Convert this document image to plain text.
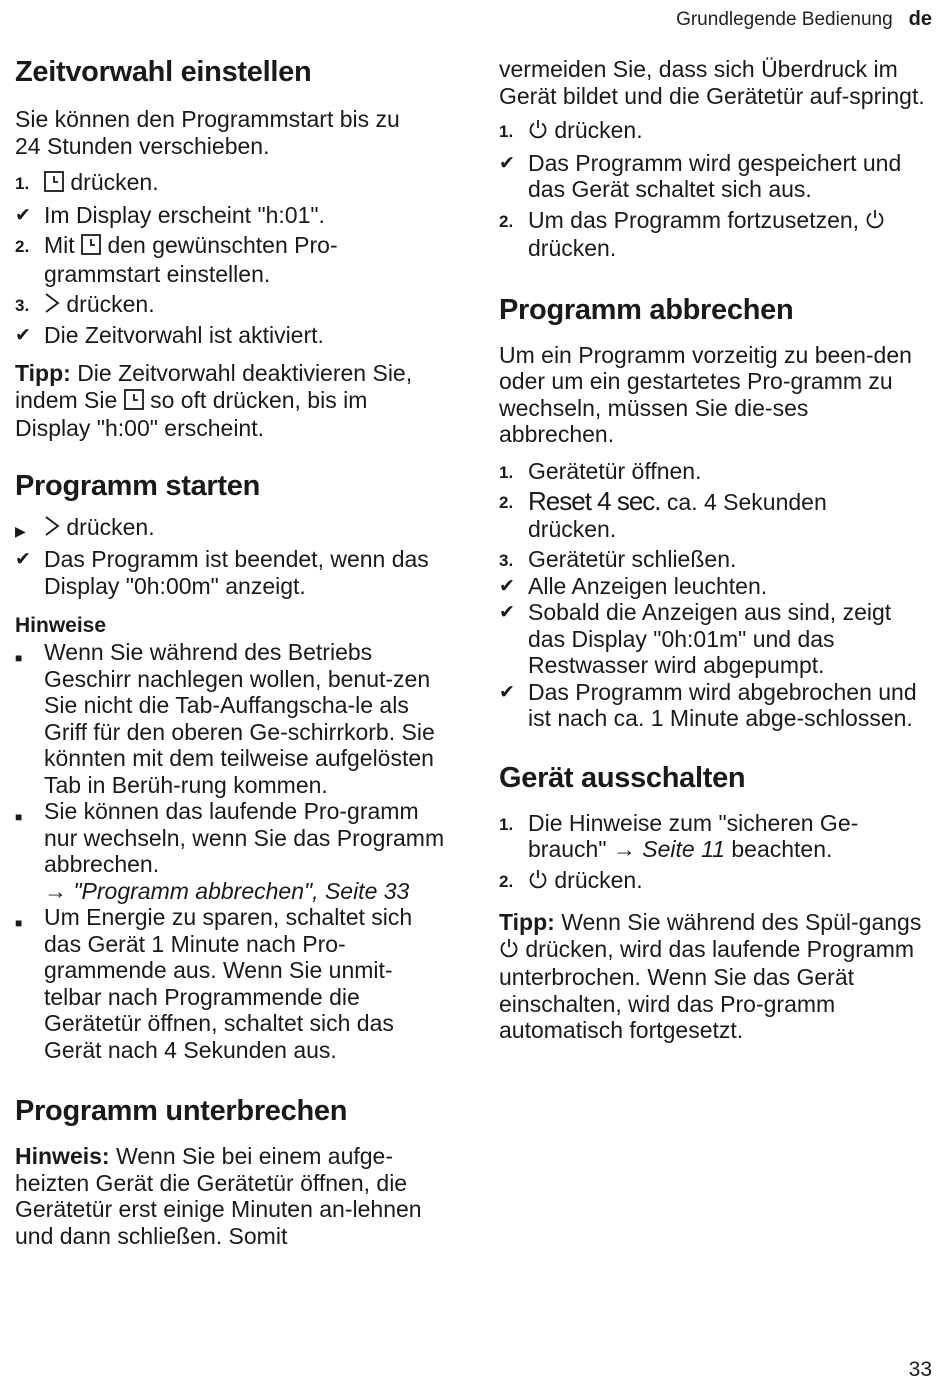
Grundlegende Bedienung de
Zeitvorwahl einstellen
Sie können den Programmstart bis zu 24 Stunden verschieben.
1.	drücken.
✔ Im Display erscheint "h:01".
2. Mit den gewünschten Pro-grammstart einstellen.
3.	drücken.
✔ Die Zeitvorwahl ist aktiviert.
Tipp: Die Zeitvorwahl deaktivieren Sie, indem Sie so oft drücken, bis im Display "h:00" erscheint.
Programm starten
▶	drücken.
✔ Das Programm ist beendet, wenn das Display "0h:00m" anzeigt.
Hinweise
■ Wenn Sie während des Betriebs Geschirr nachlegen wollen, benut-zen Sie nicht die Tab-Auffangscha-le als Griff für den oberen Ge-schirrkorb. Sie könnten mit dem teilweise aufgelösten Tab in Berüh-rung kommen.
■ Sie können das laufende Pro-gramm nur wechseln, wenn Sie das Programm abbrechen.
→ "Programm abbrechen", Seite 33
■ Um Energie zu sparen, schaltet sich das Gerät 1 Minute nach Pro-grammende aus. Wenn Sie unmit-telbar nach Programmende die Gerätetür öffnen, schaltet sich das Gerät nach 4 Sekunden aus.
Programm unterbrechen
Hinweis: Wenn Sie bei einem aufge-heizten Gerät die Gerätetür öffnen, die Gerätetür erst einige Minuten an-lehnen und dann schließen. Somit
vermeiden Sie, dass sich Überdruck im Gerät bildet und die Gerätetür auf-springt.
1.	drücken.
✔ Das Programm wird gespeichert und das Gerät schaltet sich aus.
2. Um das Programm fortzusetzen,  drücken.
Programm abbrechen
Um ein Programm vorzeitig zu been-den oder um ein gestartetes Pro-gramm zu wechseln, müssen Sie die-ses abbrechen.
1. Gerätetür öffnen.
2. Reset 4 sec. ca. 4 Sekunden drücken.
3. Gerätetür schließen.
✔ Alle Anzeigen leuchten.
✔ Sobald die Anzeigen aus sind, zeigt das Display "0h:01m" und das Restwasser wird abgepumpt.
✔ Das Programm wird abgebrochen und ist nach ca. 1 Minute abge-schlossen.
Gerät ausschalten
1. Die Hinweise zum "sicheren Ge-brauch" → Seite 11 beachten.
2.	drücken.
Tipp: Wenn Sie während des Spül-gangs  drücken, wird das laufende Programm unterbrochen. Wenn Sie das Gerät einschalten, wird das Pro-gramm automatisch fortgesetzt.
33
